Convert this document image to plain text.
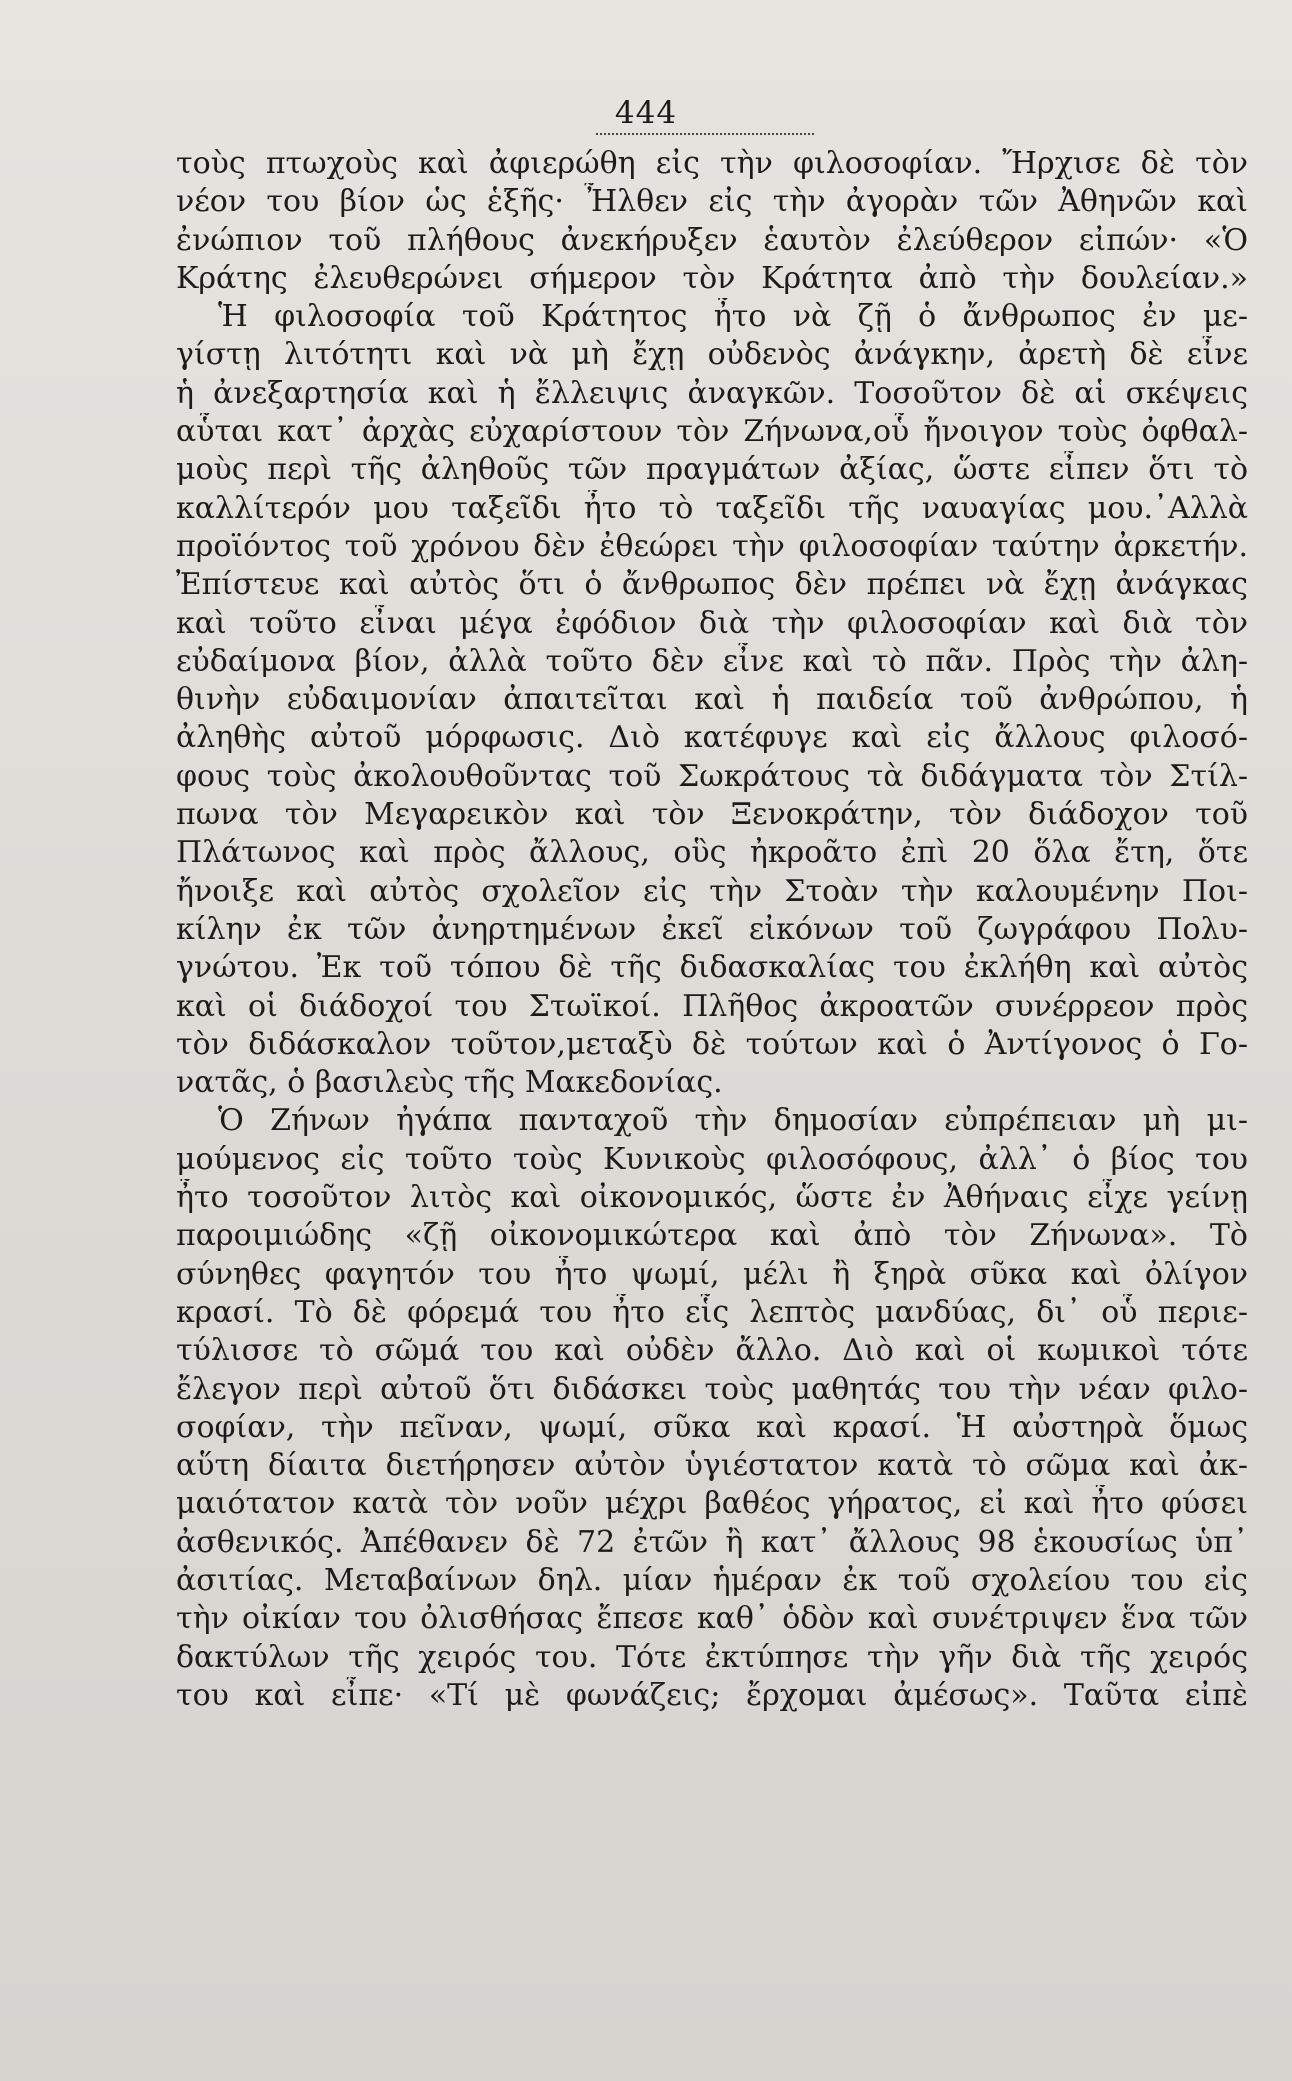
444
τοὺς πτωχοὺς καὶ ἀφιερώθη εἰς τὴν φιλοσοφίαν. Ἤρχισε δὲ τὸν
νέον του βίον ὡς ἑξῆς· Ἦλθεν εἰς τὴν ἀγορὰν τῶν Ἀθηνῶν καὶ
ἐνώπιον τοῦ πλήθους ἀνεκήρυξεν ἑαυτὸν ἐλεύθερον εἰπών· «Ὁ
Κράτης ἐλευθερώνει σήμερον τὸν Κράτητα ἀπὸ τὴν δουλείαν.»
Ἡ φιλοσοφία τοῦ Κράτητος ἦτο νὰ ζῇ ὁ ἄνθρωπος ἐν με-
γίστῃ λιτότητι καὶ νὰ μὴ ἔχῃ οὐδενὸς ἀνάγκην, ἀρετὴ δὲ εἶνε
ἡ ἀνεξαρτησία καὶ ἡ ἔλλειψις ἀναγκῶν. Τοσοῦτον δὲ αἱ σκέψεις
αὗται κατ᾽ ἀρχὰς εὐχαρίστουν τὸν Ζήνωνα,οὗ ἤνοιγον τοὺς ὀφθαλ-
μοὺς περὶ τῆς ἀληθοῦς τῶν πραγμάτων ἀξίας, ὥστε εἶπεν ὅτι τὸ
καλλίτερόν μου ταξεῖδι ἦτο τὸ ταξεῖδι τῆς ναυαγίας μου.᾽Αλλὰ
προϊόντος τοῦ χρόνου δὲν ἐθεώρει τὴν φιλοσοφίαν ταύτην ἀρκετήν.
Ἐπίστευε καὶ αὐτὸς ὅτι ὁ ἄνθρωπος δὲν πρέπει νὰ ἔχῃ ἀνάγκας
καὶ τοῦτο εἶναι μέγα ἐφόδιον διὰ τὴν φιλοσοφίαν καὶ διὰ τὸν
εὐδαίμονα βίον, ἀλλὰ τοῦτο δὲν εἶνε καὶ τὸ πᾶν. Πρὸς τὴν ἀλη-
θινὴν εὐδαιμονίαν ἀπαιτεῖται καὶ ἡ παιδεία τοῦ ἀνθρώπου, ἡ
ἀληθὴς αὐτοῦ μόρφωσις. Διὸ κατέφυγε καὶ εἰς ἄλλους φιλοσό-
φους τοὺς ἀκολουθοῦντας τοῦ Σωκράτους τὰ διδάγματα τὸν Στίλ-
πωνα τὸν Μεγαρεικὸν καὶ τὸν Ξενοκράτην, τὸν διάδοχον τοῦ
Πλάτωνος καὶ πρὸς ἄλλους, οὓς ἠκροᾶτο ἐπὶ 20 ὅλα ἔτη, ὅτε
ἤνοιξε καὶ αὐτὸς σχολεῖον εἰς τὴν Στοὰν τὴν καλουμένην Ποι-
κίλην ἐκ τῶν ἀνηρτημένων ἐκεῖ εἰκόνων τοῦ ζωγράφου Πολυ-
γνώτου. Ἐκ τοῦ τόπου δὲ τῆς διδασκαλίας του ἐκλήθη καὶ αὐτὸς
καὶ οἱ διάδοχοί του Στωϊκοί. Πλῆθος ἀκροατῶν συνέρρεον πρὸς
τὸν διδάσκαλον τοῦτον,μεταξὺ δὲ τούτων καὶ ὁ Ἀντίγονος ὁ Γο-
νατᾶς, ὁ βασιλεὺς τῆς Μακεδονίας.
Ὁ Ζήνων ἠγάπα πανταχοῦ τὴν δημοσίαν εὐπρέπειαν μὴ μι-
μούμενος εἰς τοῦτο τοὺς Κυνικοὺς φιλοσόφους, ἀλλ᾽ ὁ βίος του
ἦτο τοσοῦτον λιτὸς καὶ οἰκονομικός, ὥστε ἐν Ἀθήναις εἶχε γείνῃ
παροιμιώδης «ζῇ οἰκονομικώτερα καὶ ἀπὸ τὸν Ζήνωνα». Τὸ
σύνηθες φαγητόν του ἦτο ψωμί, μέλι ἢ ξηρὰ σῦκα καὶ ὀλίγον
κρασί. Τὸ δὲ φόρεμά του ἦτο εἷς λεπτὸς μανδύας, δι᾽ οὗ περιε-
τύλισσε τὸ σῶμά του καὶ οὐδὲν ἄλλο. Διὸ καὶ οἱ κωμικοὶ τότε
ἔλεγον περὶ αὐτοῦ ὅτι διδάσκει τοὺς μαθητάς του τὴν νέαν φιλο-
σοφίαν, τὴν πεῖναν, ψωμί, σῦκα καὶ κρασί. Ἡ αὐστηρὰ ὅμως
αὕτη δίαιτα διετήρησεν αὐτὸν ὑγιέστατον κατὰ τὸ σῶμα καὶ ἀκ-
μαιότατον κατὰ τὸν νοῦν μέχρι βαθέος γήρατος, εἰ καὶ ἦτο φύσει
ἀσθενικός. Ἀπέθανεν δὲ 72 ἐτῶν ἢ κατ᾽ ἄλλους 98 ἑκουσίως ὑπ᾽
ἀσιτίας. Μεταβαίνων δηλ. μίαν ἡμέραν ἐκ τοῦ σχολείου του εἰς
τὴν οἰκίαν του ὀλισθήσας ἔπεσε καθ᾽ ὁδὸν καὶ συνέτριψεν ἕνα τῶν
δακτύλων τῆς χειρός του. Τότε ἐκτύπησε τὴν γῆν διὰ τῆς χειρός
του καὶ εἶπε· «Τί μὲ φωνάζεις; ἔρχομαι ἀμέσως». Ταῦτα εἰπὲ
